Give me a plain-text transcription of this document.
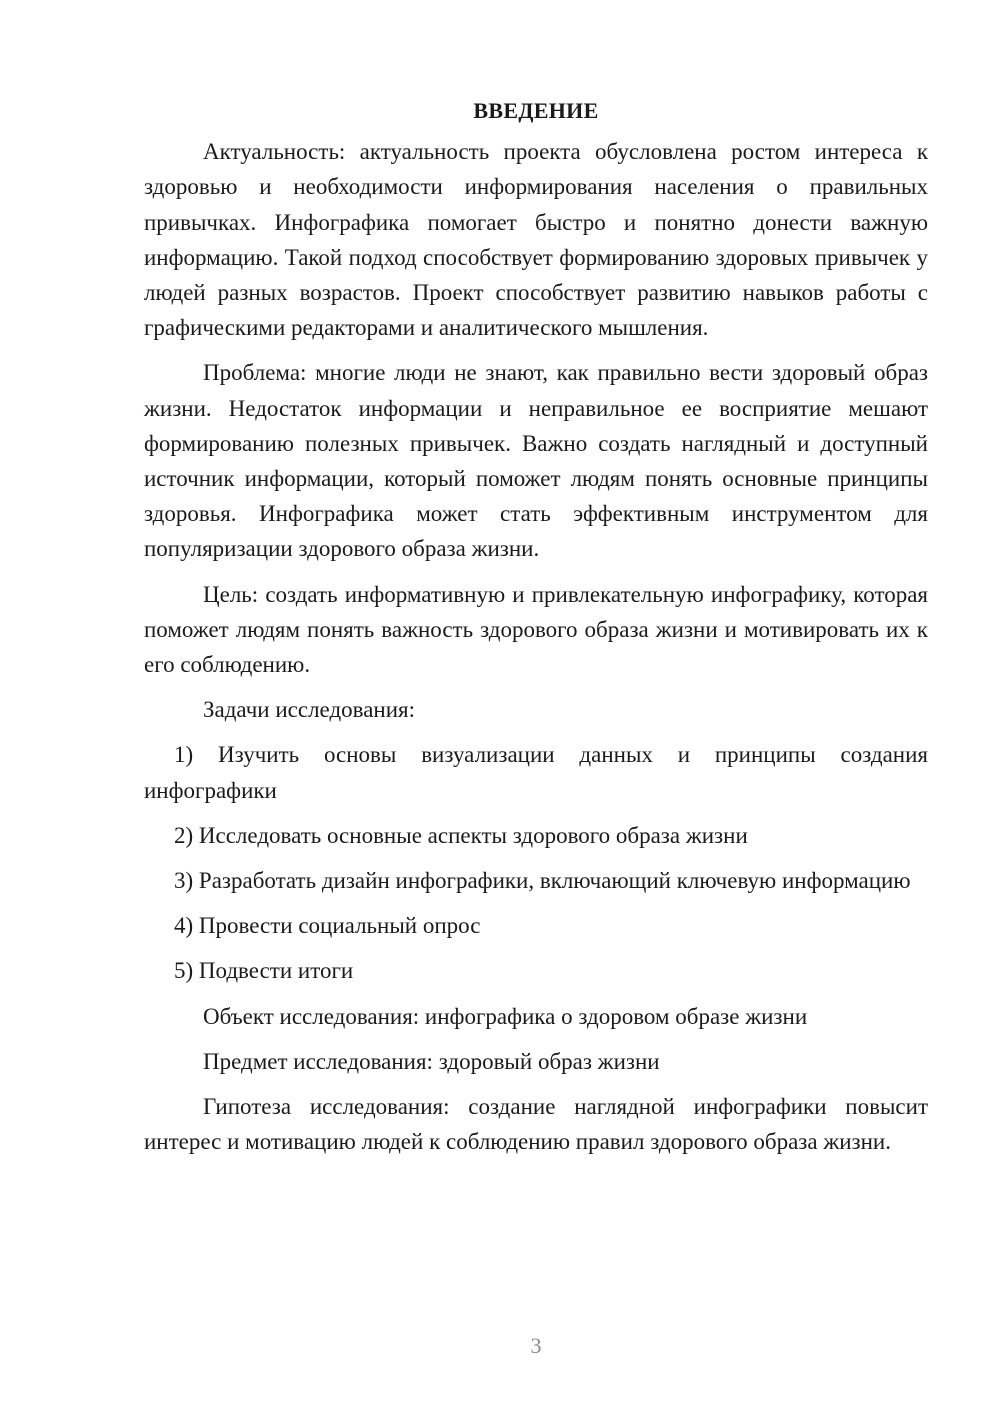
ВВЕДЕНИЕ

Актуальность: актуальность проекта обусловлена ростом интереса к здоровью и необходимости информирования населения о правильных привычках. Инфографика помогает быстро и понятно донести важную информацию. Такой подход способствует формированию здоровых привычек у людей разных возрастов. Проект способствует развитию навыков работы с графическими редакторами и аналитического мышления.

Проблема: многие люди не знают, как правильно вести здоровый образ жизни. Недостаток информации и неправильное ее восприятие мешают формированию полезных привычек. Важно создать наглядный и доступный источник информации, который поможет людям понять основные принципы здоровья. Инфографика может стать эффективным инструментом для популяризации здорового образа жизни.

Цель: создать информативную и привлекательную инфографику, которая поможет людям понять важность здорового образа жизни и мотивировать их к его соблюдению.

Задачи исследования:

1) Изучить основы визуализации данных и принципы создания инфографики

2) Исследовать основные аспекты здорового образа жизни

3) Разработать дизайн инфографики, включающий ключевую информацию

4) Провести социальный опрос

5) Подвести итоги

Объект исследования: инфографика о здоровом образе жизни

Предмет исследования: здоровый образ жизни

Гипотеза исследования: создание наглядной инфографики повысит интерес и мотивацию людей к соблюдению правил здорового образа жизни.

3
